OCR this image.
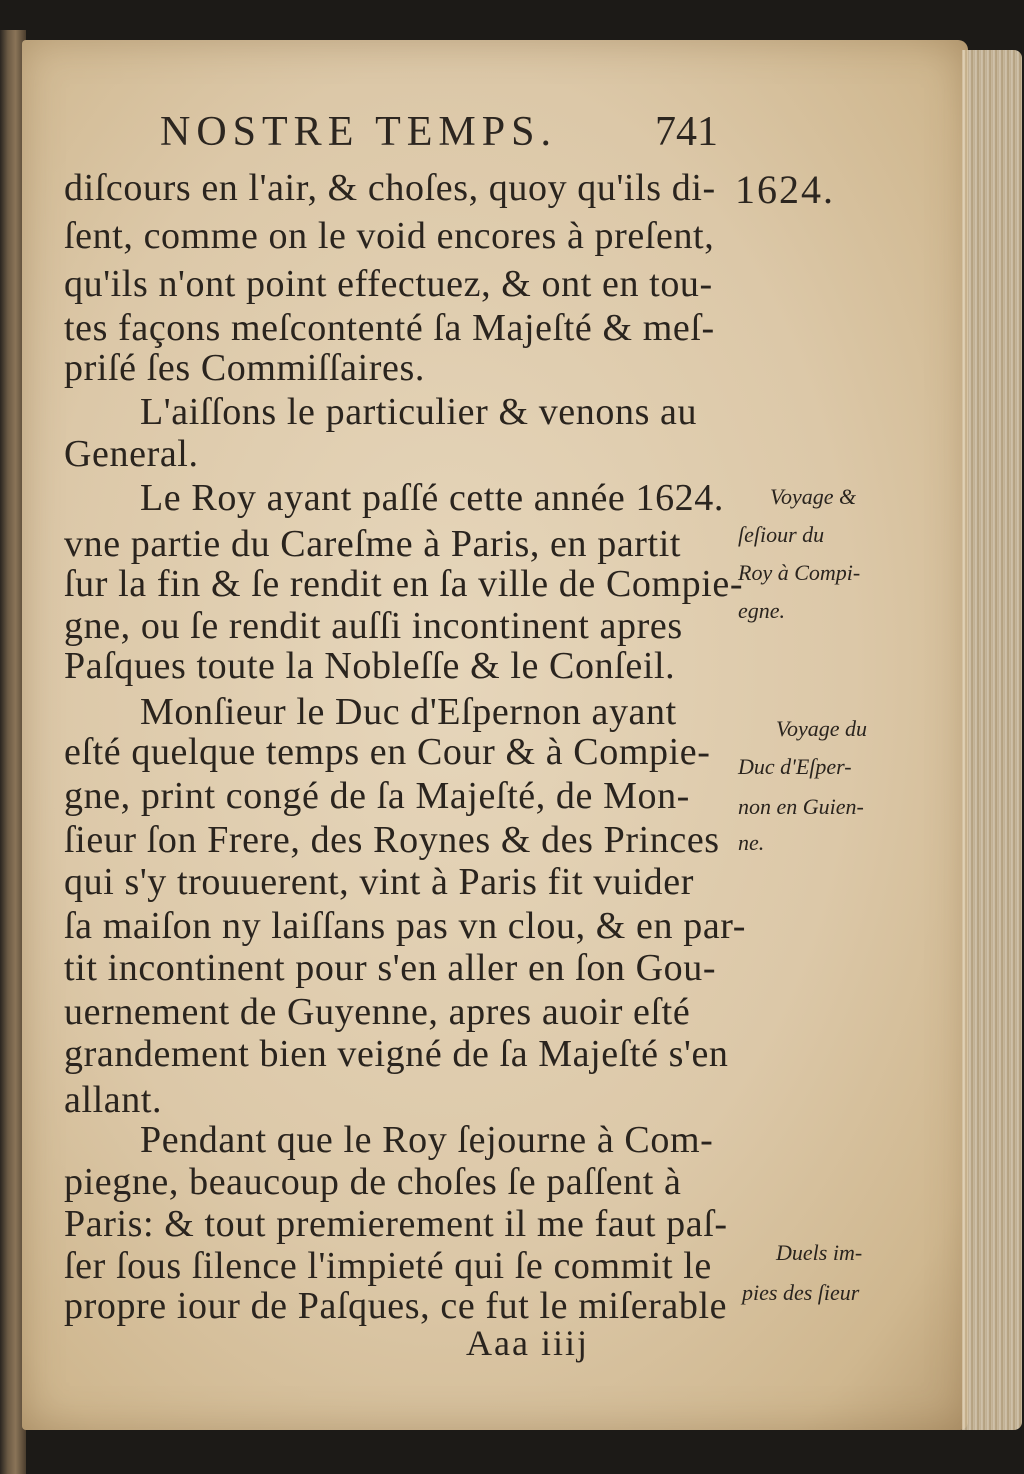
NOSTRE TEMPS. 741
1624.
diſcours en l'air, & choſes, quoy qu'ils di-
ſent, comme on le void encores à preſent,
qu'ils n'ont point effectuez, & ont en tou-
tes façons meſcontenté ſa Majeſté & meſ-
priſé ſes Commiſſaires.
L'aiſſons le particulier & venons au
General.
Le Roy ayant paſſé cette année 1624.
vne partie du Careſme à Paris, en partit
ſur la fin & ſe rendit en ſa ville de Compie-
gne, ou ſe rendit auſſi incontinent apres
Paſques toute la Nobleſſe & le Conſeil.
Monſieur le Duc d'Eſpernon ayant
eſté quelque temps en Cour & à Compie-
gne, print congé de ſa Majeſté, de Mon-
ſieur ſon Frere, des Roynes & des Princes
qui s'y trouuerent, vint à Paris fit vuider
ſa maiſon ny laiſſans pas vn clou, & en par-
tit incontinent pour s'en aller en ſon Gou-
uernement de Guyenne, apres auoir eſté
grandement bien veigné de ſa Majeſté s'en
allant.
Pendant que le Roy ſejourne à Com-
piegne, beaucoup de choſes ſe paſſent à
Paris: & tout premierement il me faut paſ-
ſer ſous ſilence l'impieté qui ſe commit le
propre iour de Paſques, ce fut le miſerable
Voyage &
ſeſiour du
Roy à Compi-
egne.
Voyage du
Duc d'Eſper-
non en Guien-
ne.
Duels im-
pies des ſieur
Aaa iiij
